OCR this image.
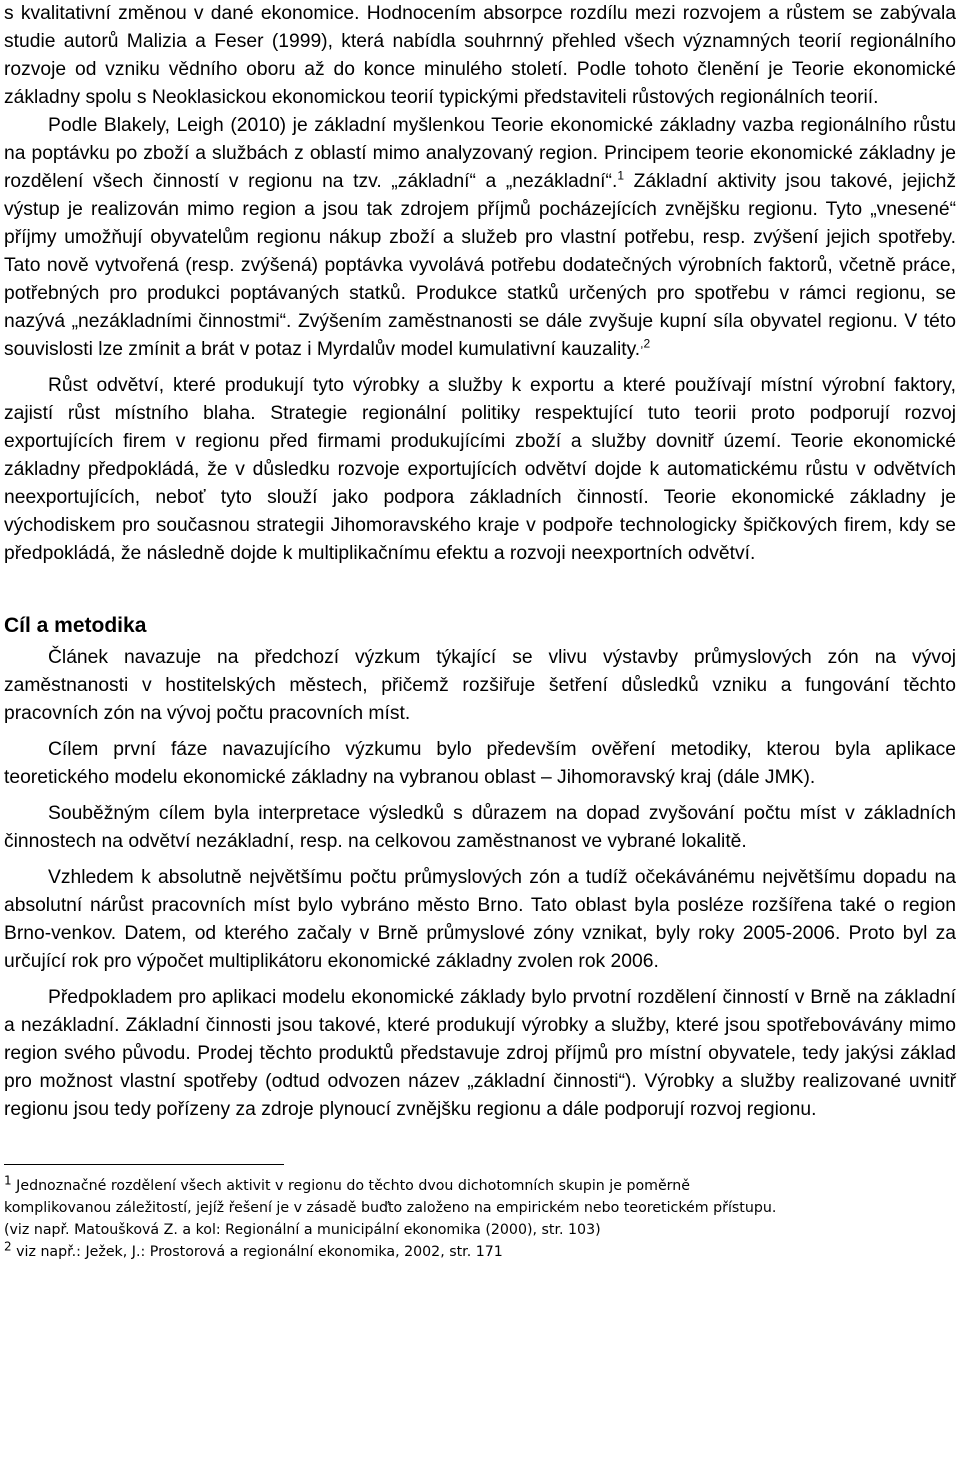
s kvalitativní změnou v dané ekonomice. Hodnocením absorpce rozdílu mezi rozvojem a růstem se zabývala studie autorů Malizia a Feser (1999), která nabídla souhrnný přehled všech významných teorií regionálního rozvoje od vzniku vědního oboru až do konce minulého století. Podle tohoto členění je Teorie ekonomické základny spolu s Neoklasickou ekonomickou teorií typickými představiteli růstových regionálních teorií.

Podle Blakely, Leigh (2010) je základní myšlenkou Teorie ekonomické základny vazba regionálního růstu na poptávku po zboží a službách z oblastí mimo analyzovaný region. Principem teorie ekonomické základny je rozdělení všech činností v regionu na tzv. „základní“ a „nezákladní“.$^1$ Základní aktivity jsou takové, jejichž výstup je realizován mimo region a jsou tak zdrojem příjmů pocházejících zvnějšku regionu. Tyto „vnesené“ příjmy umožňují obyvatelům regionu nákup zboží a služeb pro vlastní potřebu, resp. zvýšení jejich spotřeby. Tato nově vytvořená (resp. zvýšená) poptávka vyvolává potřebu dodatečných výrobních faktorů, včetně práce, potřebných pro produkci poptávaných statků. Produkce statků určených pro spotřebu v rámci regionu, se nazývá „nezákladními činnostmi“. Zvýšením zaměstnanosti se dále zvyšuje kupní síla obyvatel regionu. V této souvislosti lze zmínit a brát v potaz i Myrdalův model kumulativní kauzality.$^{,2}$

Růst odvětví, které produkují tyto výrobky a služby k exportu a které používají místní výrobní faktory, zajistí růst místního blaha. Strategie regionální politiky respektující tuto teorii proto podporují rozvoj exportujících firem v regionu před firmami produkujícími zboží a služby dovnitř území. Teorie ekonomické základny předpokládá, že v důsledku rozvoje exportujících odvětví dojde k automatickému růstu v odvětvích neexportujících, neboť tyto slouží jako podpora základních činností. Teorie ekonomické základny je východiskem pro současnou strategii Jihomoravského kraje v podpoře technologicky špičkových firem, kdy se předpokládá, že následně dojde k multiplikačnímu efektu a rozvoji neexportních odvětví.

Cíl a metodika

Článek navazuje na předchozí výzkum týkající se vlivu výstavby průmyslových zón na vývoj zaměstnanosti v hostitelských městech, přičemž rozšiřuje šetření důsledků vzniku a fungování těchto pracovních zón na vývoj počtu pracovních míst.

Cílem první fáze navazujícího výzkumu bylo především ověření metodiky, kterou byla aplikace teoretického modelu ekonomické základny na vybranou oblast – Jihomoravský kraj (dále JMK).

Souběžným cílem byla interpretace výsledků s důrazem na dopad zvyšování počtu míst v základních činnostech na odvětví nezákladní, resp. na celkovou zaměstnanost ve vybrané lokalitě.

Vzhledem k absolutně největšímu počtu průmyslových zón a tudíž očekávánému největšímu dopadu na absolutní nárůst pracovních míst bylo vybráno město Brno. Tato oblast byla posléze rozšířena také o region Brno-venkov. Datem, od kterého začaly v Brně průmyslové zóny vznikat, byly roky 2005-2006. Proto byl za určující rok pro výpočet multiplikátoru ekonomické základny zvolen rok 2006.

Předpokladem pro aplikaci modelu ekonomické základy bylo prvotní rozdělení činností v Brně na základní a nezákladní. Základní činnosti jsou takové, které produkují výrobky a služby, které jsou spotřebovávány mimo region svého původu. Prodej těchto produktů představuje zdroj příjmů pro místní obyvatele, tedy jakýsi základ pro možnost vlastní spotřeby (odtud odvozen název „základní činnosti“). Výrobky a služby realizované uvnitř regionu jsou tedy pořízeny za zdroje plynoucí zvnějšku regionu a dále podporují rozvoj regionu.

$^1$ Jednoznačné rozdělení všech aktivit v regionu do těchto dvou dichotomních skupin je poměrně
komplikovanou záležitostí, jejíž řešení je v zásadě buďto založeno na empirickém nebo teoretickém přístupu.
(viz např. Matoušková Z. a kol: Regionální a municipální ekonomika (2000), str. 103)

$^2$ viz např.: Ježek, J.: Prostorová a regionální ekonomika, 2002, str. 171
